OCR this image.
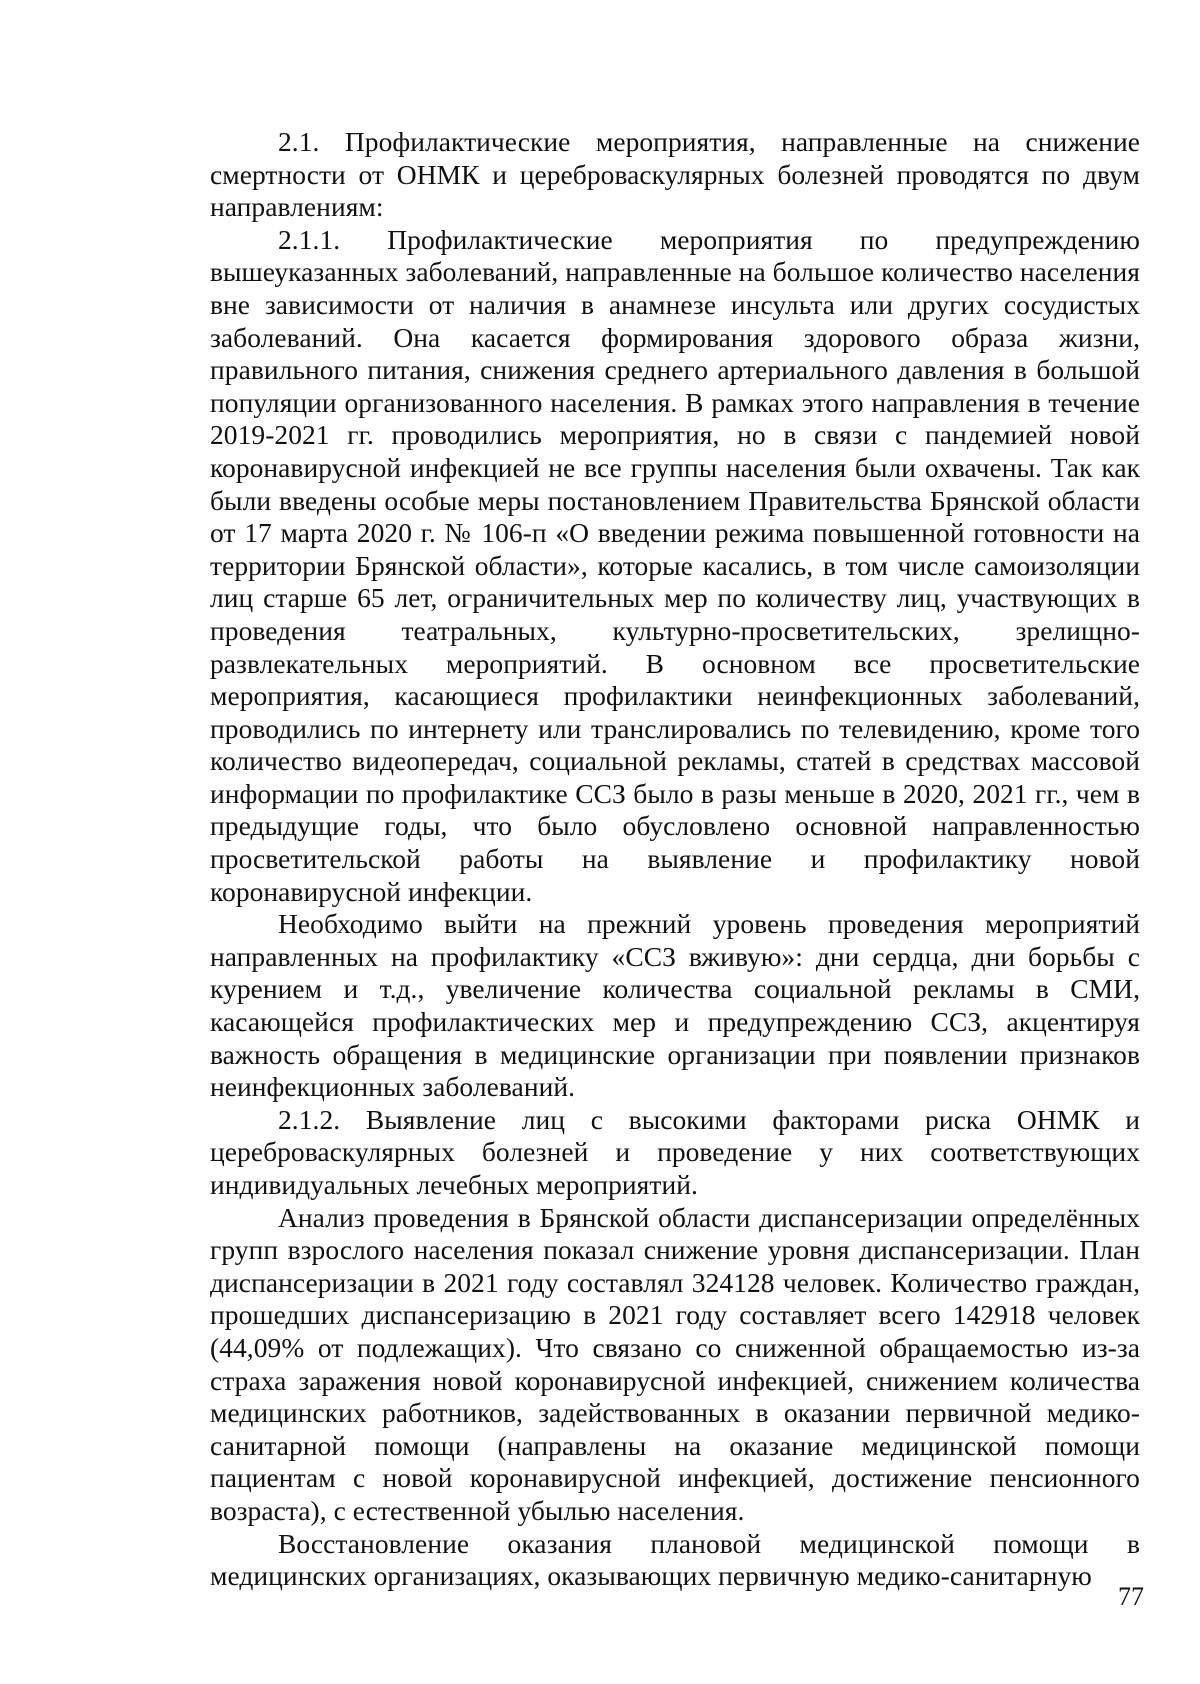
2.1. Профилактические мероприятия, направленные на снижение смертности от ОНМК и цереброваскулярных болезней проводятся по двум направлениям:

2.1.1. Профилактические мероприятия по предупреждению вышеуказанных заболеваний, направленные на большое количество населения вне зависимости от наличия в анамнезе инсульта или других сосудистых заболеваний. Она касается формирования здорового образа жизни, правильного питания, снижения среднего артериального давления в большой популяции организованного населения. В рамках этого направления в течение 2019-2021 гг. проводились мероприятия, но в связи с пандемией новой коронавирусной инфекцией не все группы населения были охвачены. Так как были введены особые меры постановлением Правительства Брянской области от 17 марта 2020 г. № 106-п «О введении режима повышенной готовности на территории Брянской области», которые касались, в том числе самоизоляции лиц старше 65 лет, ограничительных мер по количеству лиц, участвующих в проведения театральных, культурно-просветительских, зрелищно-развлекательных мероприятий. В основном все просветительские мероприятия, касающиеся профилактики неинфекционных заболеваний, проводились по интернету или транслировались по телевидению, кроме того количество видеопередач, социальной рекламы, статей в средствах массовой информации по профилактике ССЗ было в разы меньше в 2020, 2021 гг., чем в предыдущие годы, что было обусловлено основной направленностью просветительской работы на выявление и профилактику новой коронавирусной инфекции.

Необходимо выйти на прежний уровень проведения мероприятий направленных на профилактику «ССЗ вживую»: дни сердца, дни борьбы с курением и т.д., увеличение количества социальной рекламы в СМИ, касающейся профилактических мер и предупреждению ССЗ, акцентируя важность обращения в медицинские организации при появлении признаков неинфекционных заболеваний.

2.1.2. Выявление лиц с высокими факторами риска ОНМК и цереброваскулярных болезней и проведение у них соответствующих индивидуальных лечебных мероприятий.

Анализ проведения в Брянской области диспансеризации определённых групп взрослого населения показал снижение уровня диспансеризации. План диспансеризации в 2021 году составлял 324128 человек. Количество граждан, прошедших диспансеризацию в 2021 году составляет всего 142918 человек (44,09% от подлежащих). Что связано со сниженной обращаемостью из-за страха заражения новой коронавирусной инфекцией, снижением количества медицинских работников, задействованных в оказании первичной медико-санитарной помощи (направлены на оказание медицинской помощи пациентам с новой коронавирусной инфекцией, достижение пенсионного возраста), с естественной убылью населения.

Восстановление оказания плановой медицинской помощи в медицинских организациях, оказывающих первичную медико-санитарную

77
